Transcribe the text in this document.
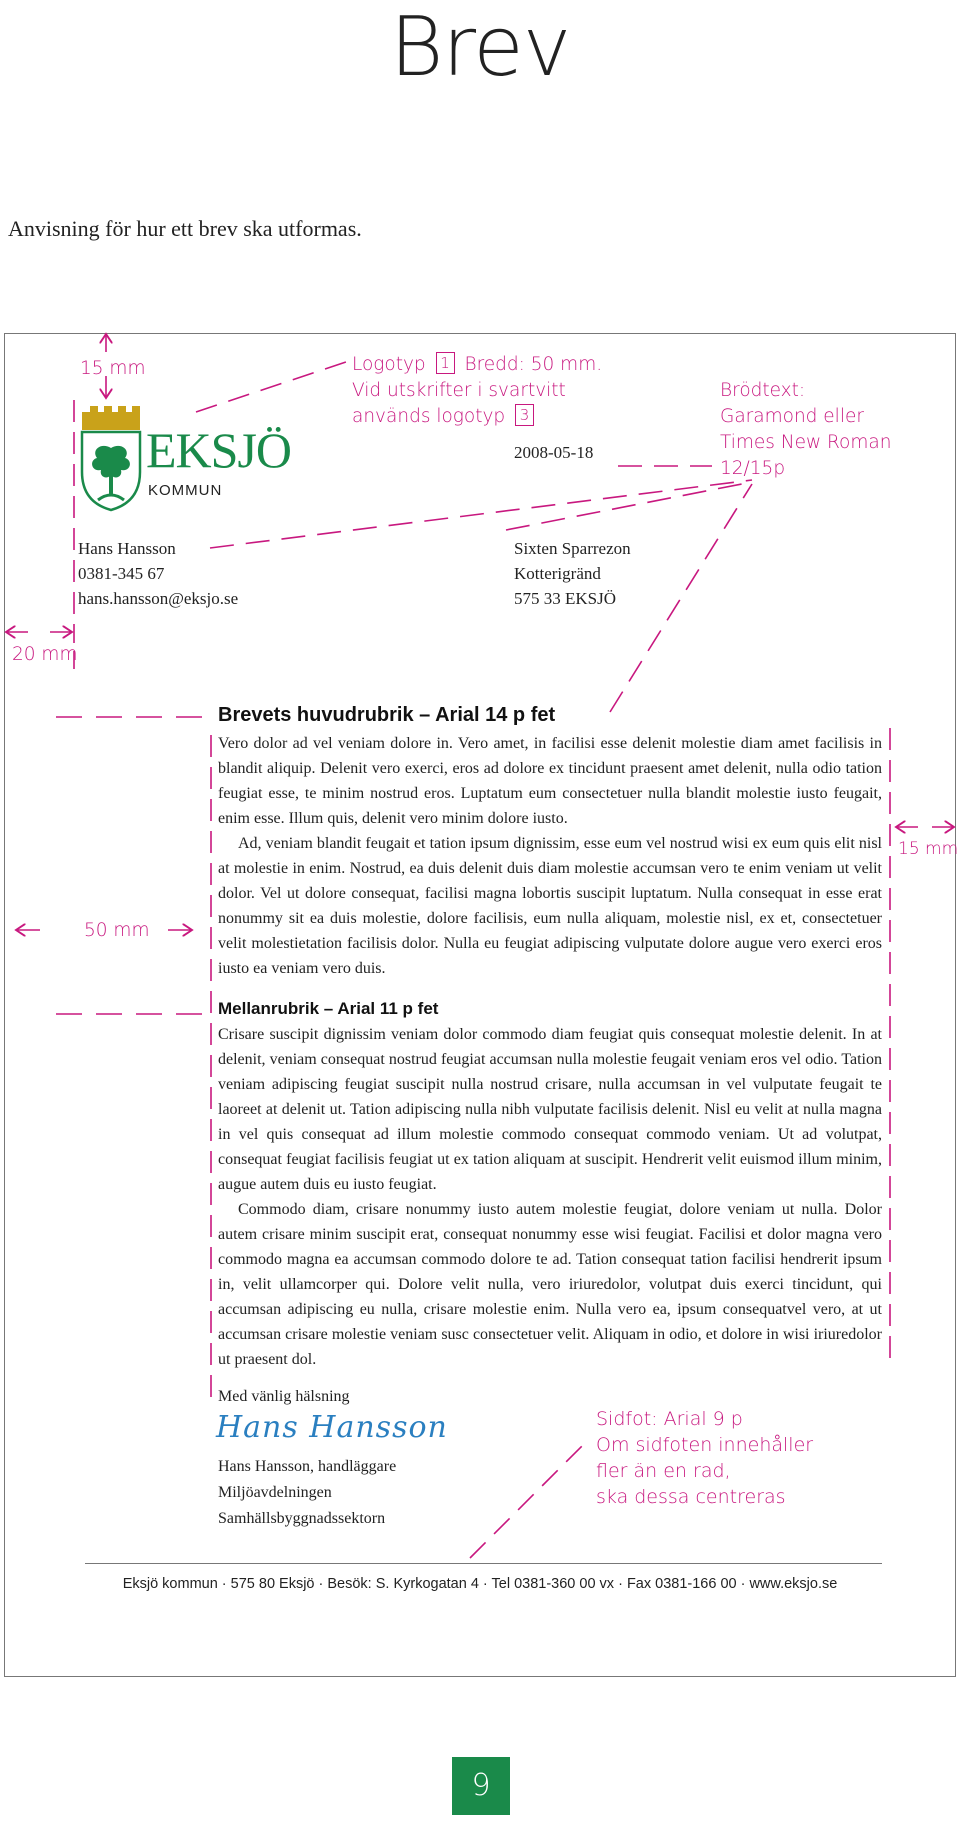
Brev
Anvisning för hur ett brev ska utformas.
15 mm
20 mm
50 mm
15 mm
Logotyp 1 Bredd: 50 mm.
Vid utskrifter i svartvitt
används logotyp 3
Brödtext:
Garamond eller
Times New Roman
12/15p
Sidfot: Arial 9 p
Om sidfoten innehåller
fler än en rad,
ska dessa centreras
EKSJÖ
KOMMUN
2008-05-18
Hans Hansson
0381-345 67
hans.hansson@eksjo.se
Sixten Sparrezon
Kotterigränd
575 33 EKSJÖ
Brevets huvudrubrik – Arial 14 p fet

Vero dolor ad vel veniam dolore in. Vero amet, in facilisi esse delenit molestie diam amet facilisis in blandit aliquip. Delenit vero exerci, eros ad dolore ex tincidunt praesent amet delenit, nulla odio tation feugiat esse, te minim nostrud eros. Luptatum eum consectetuer nulla blandit molestie iusto feugait, enim esse. Illum quis, delenit vero minim dolore iusto.

Ad, veniam blandit feugait et tation ipsum dignissim, esse eum vel nostrud wisi ex eum quis elit nisl at molestie in enim. Nostrud, ea duis delenit duis diam molestie accumsan vero te enim veniam ut velit dolor. Vel ut dolore consequat, facilisi magna lobortis suscipit luptatum. Nulla consequat in esse erat nonummy sit ea duis molestie, dolore facilisis, eum nulla aliquam, molestie nisl, ex et, consectetuer velit molestietation facilisis dolor. Nulla eu feugiat adipiscing vulputate dolore augue vero exerci eros iusto ea veniam vero duis.

Mellanrubrik – Arial 11 p fet

Crisare suscipit dignissim veniam dolor commodo diam feugiat quis consequat molestie delenit. In at delenit, veniam consequat nostrud feugiat accumsan nulla molestie feugait veniam eros vel odio. Tation veniam adipiscing feugiat suscipit nulla nostrud crisare, nulla accumsan in vel vulputate feugait te laoreet at delenit ut. Tation adipiscing nulla nibh vulputate facilisis delenit. Nisl eu velit at nulla magna in vel quis consequat ad illum molestie commodo consequat commodo veniam. Ut ad volutpat, consequat feugiat facilisis feugiat ut ex tation aliquam at suscipit. Hendrerit velit euismod illum minim, augue autem duis eu iusto feugiat.

Commodo diam, crisare nonummy iusto autem molestie feugiat, dolore veniam ut nulla. Dolor autem crisare minim suscipit erat, consequat nonummy esse wisi feugiat. Facilisi et dolor magna vero commodo magna ea accumsan commodo dolore te ad. Tation consequat tation facilisi hendrerit ipsum in, velit ullamcorper qui. Dolore velit nulla, vero iriuredolor, volutpat duis exerci tincidunt, qui accumsan adipiscing eu nulla, crisare molestie enim. Nulla vero ea, ipsum consequatvel vero, at ut accumsan crisare molestie veniam susc consectetuer velit. Aliquam in odio, et dolore in wisi iriuredolor ut praesent dol.

Med vänlig hälsning
Hans Hansson
Hans Hansson, handläggare
Miljöavdelningen
Samhällsbyggnadssektorn
Eksjö kommun · 575 80 Eksjö · Besök: S. Kyrkogatan 4 · Tel 0381-360 00 vx · Fax 0381-166 00 · www.eksjo.se
9
